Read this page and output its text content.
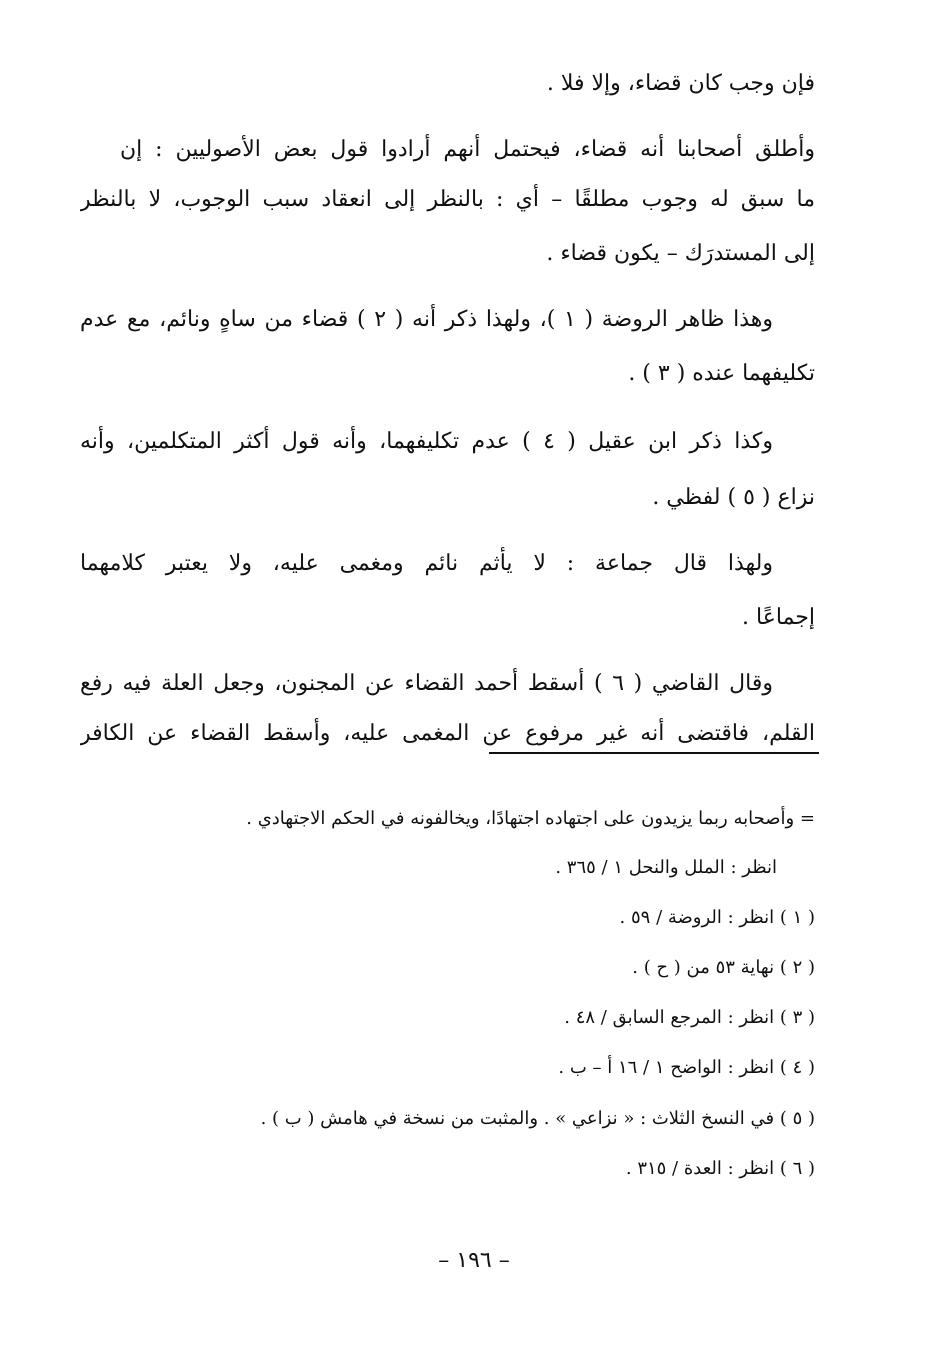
فإن وجب كان قضاء، وإلا فلا .
وأطلق أصحابنا أنه قضاء، فيحتمل أنهم أرادوا قول بعض الأصوليين : إن
ما سبق له وجوب مطلقًا – أي : بالنظر إلى انعقاد سبب الوجوب، لا بالنظر
إلى المستدرَك – يكون قضاء .
وهذا ظاهر الروضة ( ١ )، ولهذا ذكر أنه ( ٢ ) قضاء من ساهٍ ونائم، مع عدم
تكليفهما عنده ( ٣ ) .
وكذا ذكر ابن عقيل ( ٤ ) عدم تكليفهما، وأنه قول أكثر المتكلمين، وأنه
نزاع ( ٥ ) لفظي .
ولهذا قال جماعة : لا يأثم نائم ومغمى عليه، ولا يعتبر كلامهما
إجماعًا .
وقال القاضي ( ٦ ) أسقط أحمد القضاء عن المجنون، وجعل العلة فيه رفع
القلم، فاقتضى أنه غير مرفوع عن المغمى عليه، وأسقط القضاء عن الكافر
= وأصحابه ربما يزيدون على اجتهاده اجتهادًا، ويخالفونه في الحكم الاجتهادي .
انظر : الملل والنحل ١ / ٣٦٥ .
( ١ ) انظر : الروضة / ٥٩ .
( ٢ ) نهاية ٥٣ من ( ح ) .
( ٣ ) انظر : المرجع السابق / ٤٨ .
( ٤ ) انظر : الواضح ١ / ١٦ أ – ب .
( ٥ ) في النسخ الثلاث : « نزاعي » . والمثبت من نسخة في هامش ( ب ) .
( ٦ ) انظر : العدة / ٣١٥ .
– ١٩٦ –
